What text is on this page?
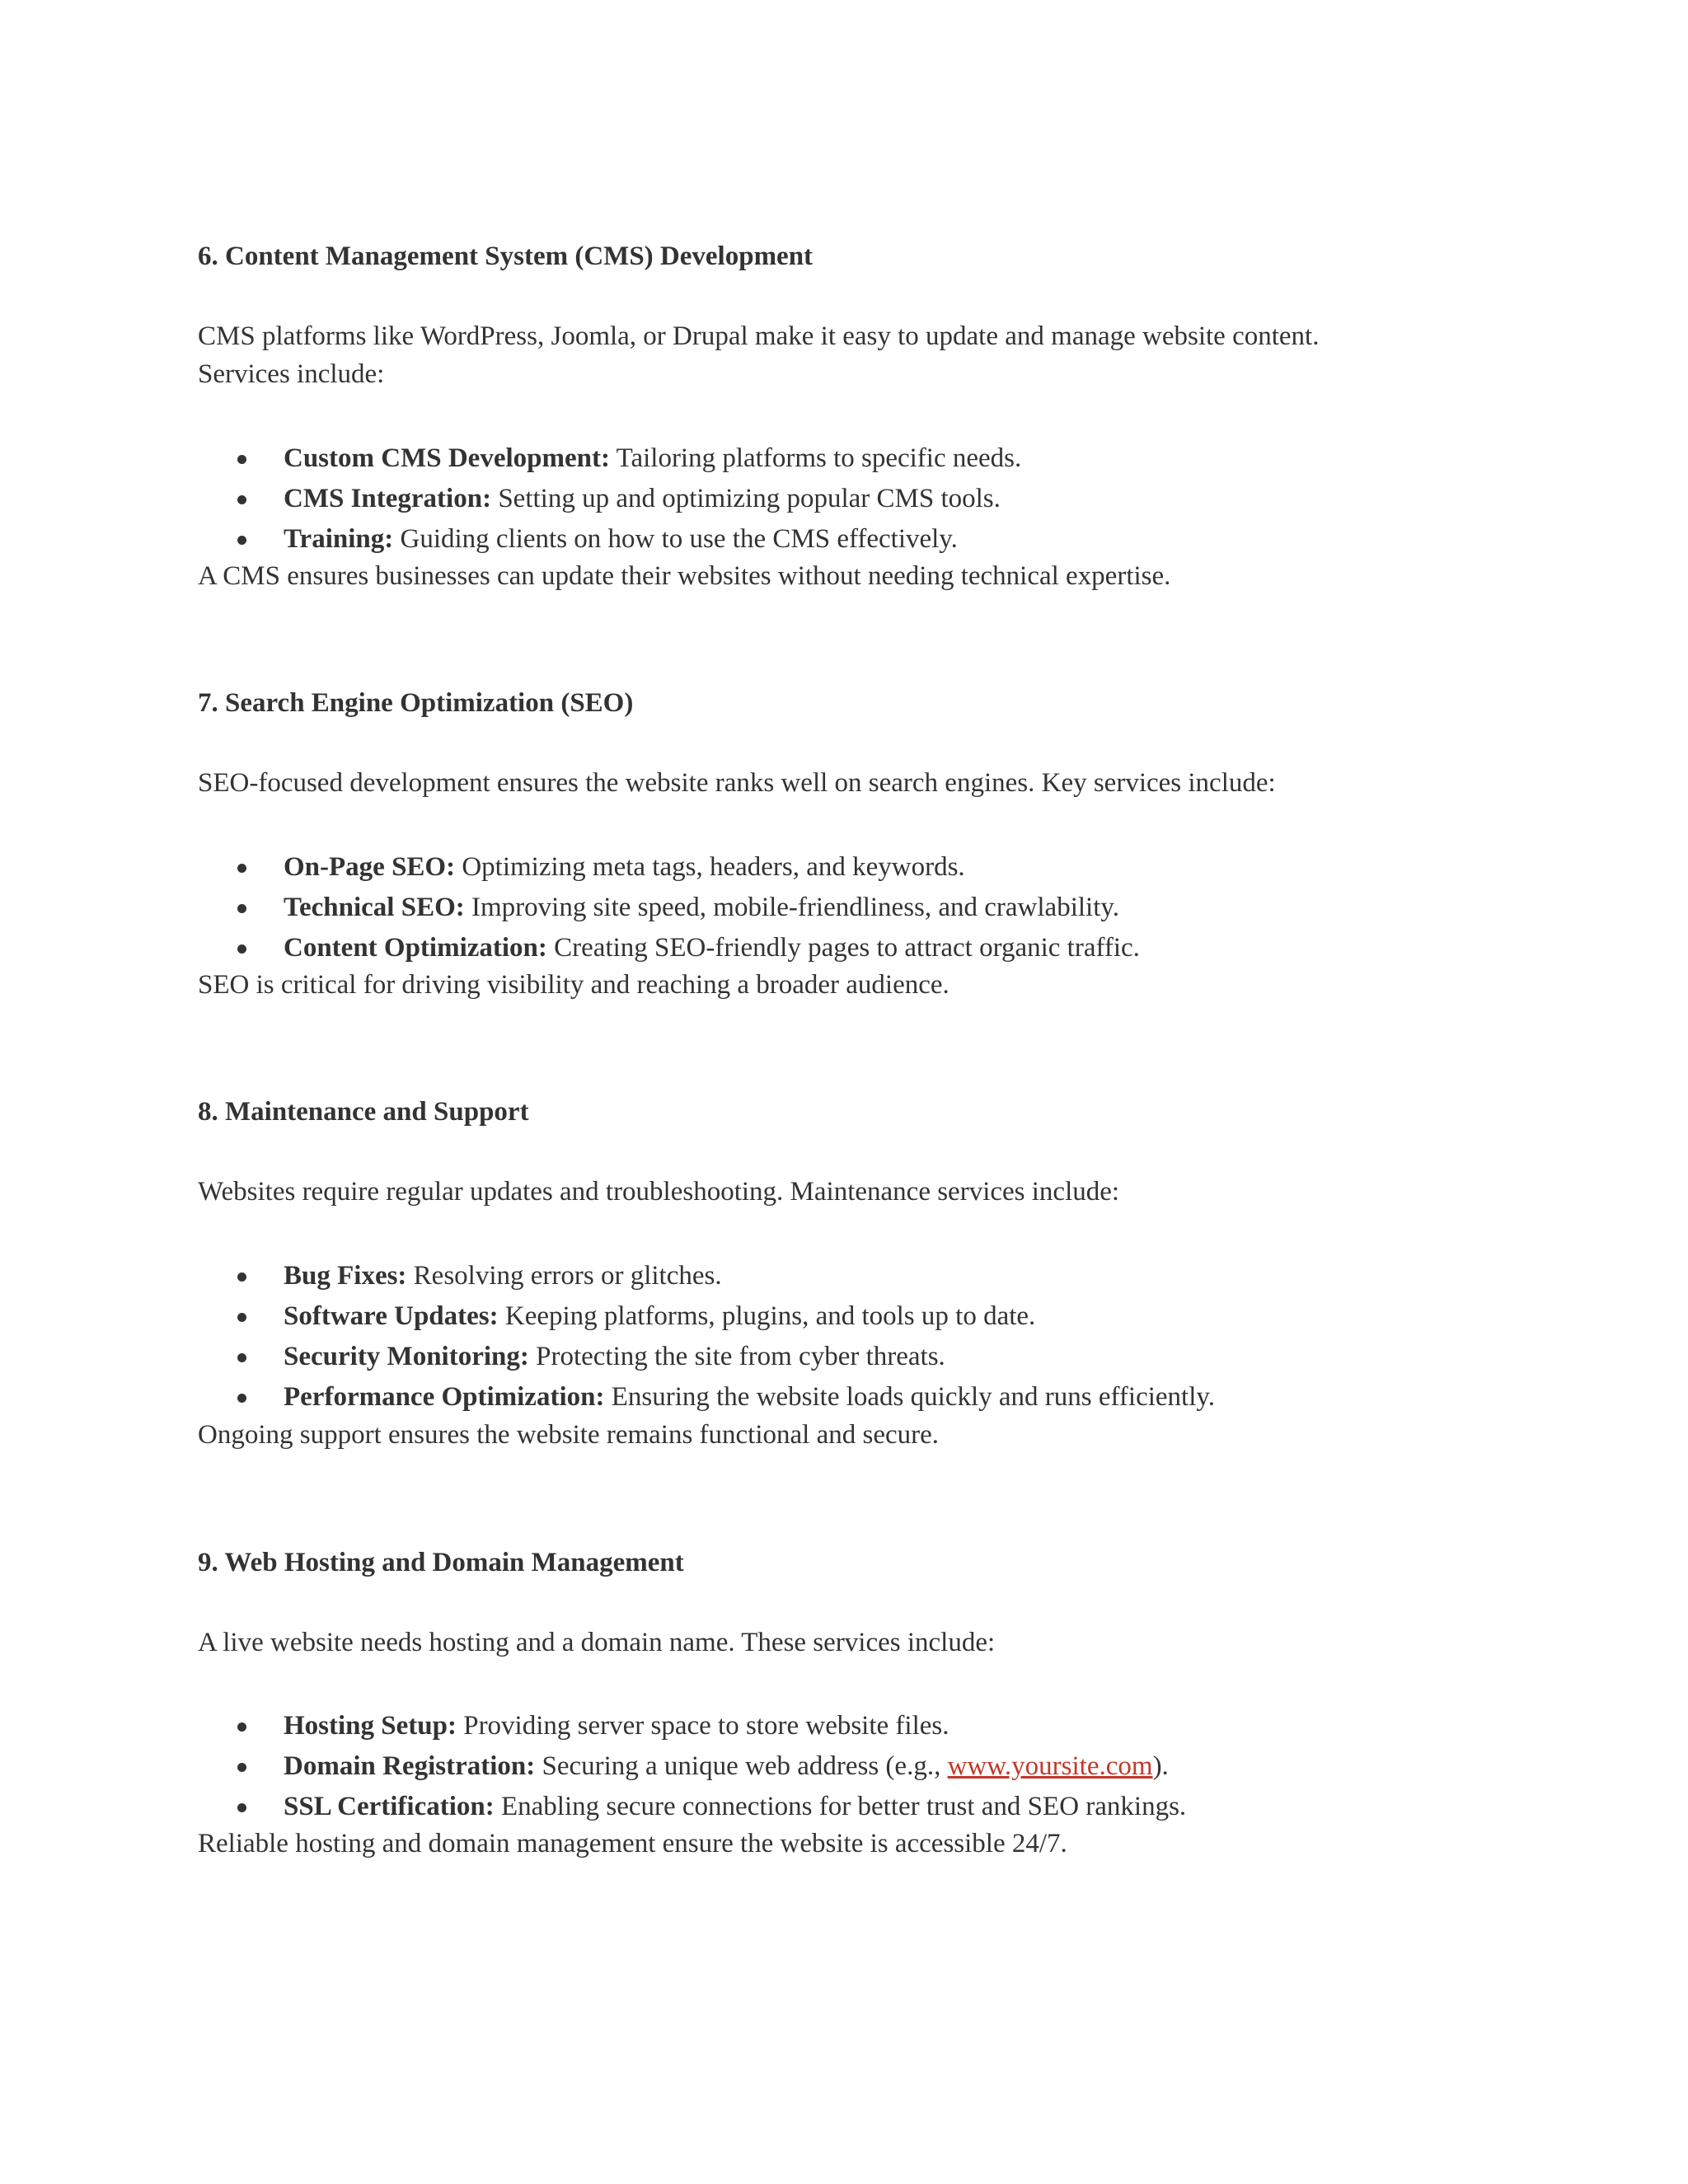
6. Content Management System (CMS) Development
CMS platforms like WordPress, Joomla, or Drupal make it easy to update and manage website content.
Services include:
Custom CMS Development: Tailoring platforms to specific needs.
CMS Integration: Setting up and optimizing popular CMS tools.
Training: Guiding clients on how to use the CMS effectively.
A CMS ensures businesses can update their websites without needing technical expertise.
7. Search Engine Optimization (SEO)
SEO-focused development ensures the website ranks well on search engines. Key services include:
On-Page SEO: Optimizing meta tags, headers, and keywords.
Technical SEO: Improving site speed, mobile-friendliness, and crawlability.
Content Optimization: Creating SEO-friendly pages to attract organic traffic.
SEO is critical for driving visibility and reaching a broader audience.
8. Maintenance and Support
Websites require regular updates and troubleshooting. Maintenance services include:
Bug Fixes: Resolving errors or glitches.
Software Updates: Keeping platforms, plugins, and tools up to date.
Security Monitoring: Protecting the site from cyber threats.
Performance Optimization: Ensuring the website loads quickly and runs efficiently.
Ongoing support ensures the website remains functional and secure.
9. Web Hosting and Domain Management
A live website needs hosting and a domain name. These services include:
Hosting Setup: Providing server space to store website files.
Domain Registration: Securing a unique web address (e.g., www.yoursite.com).
SSL Certification: Enabling secure connections for better trust and SEO rankings.
Reliable hosting and domain management ensure the website is accessible 24/7.
